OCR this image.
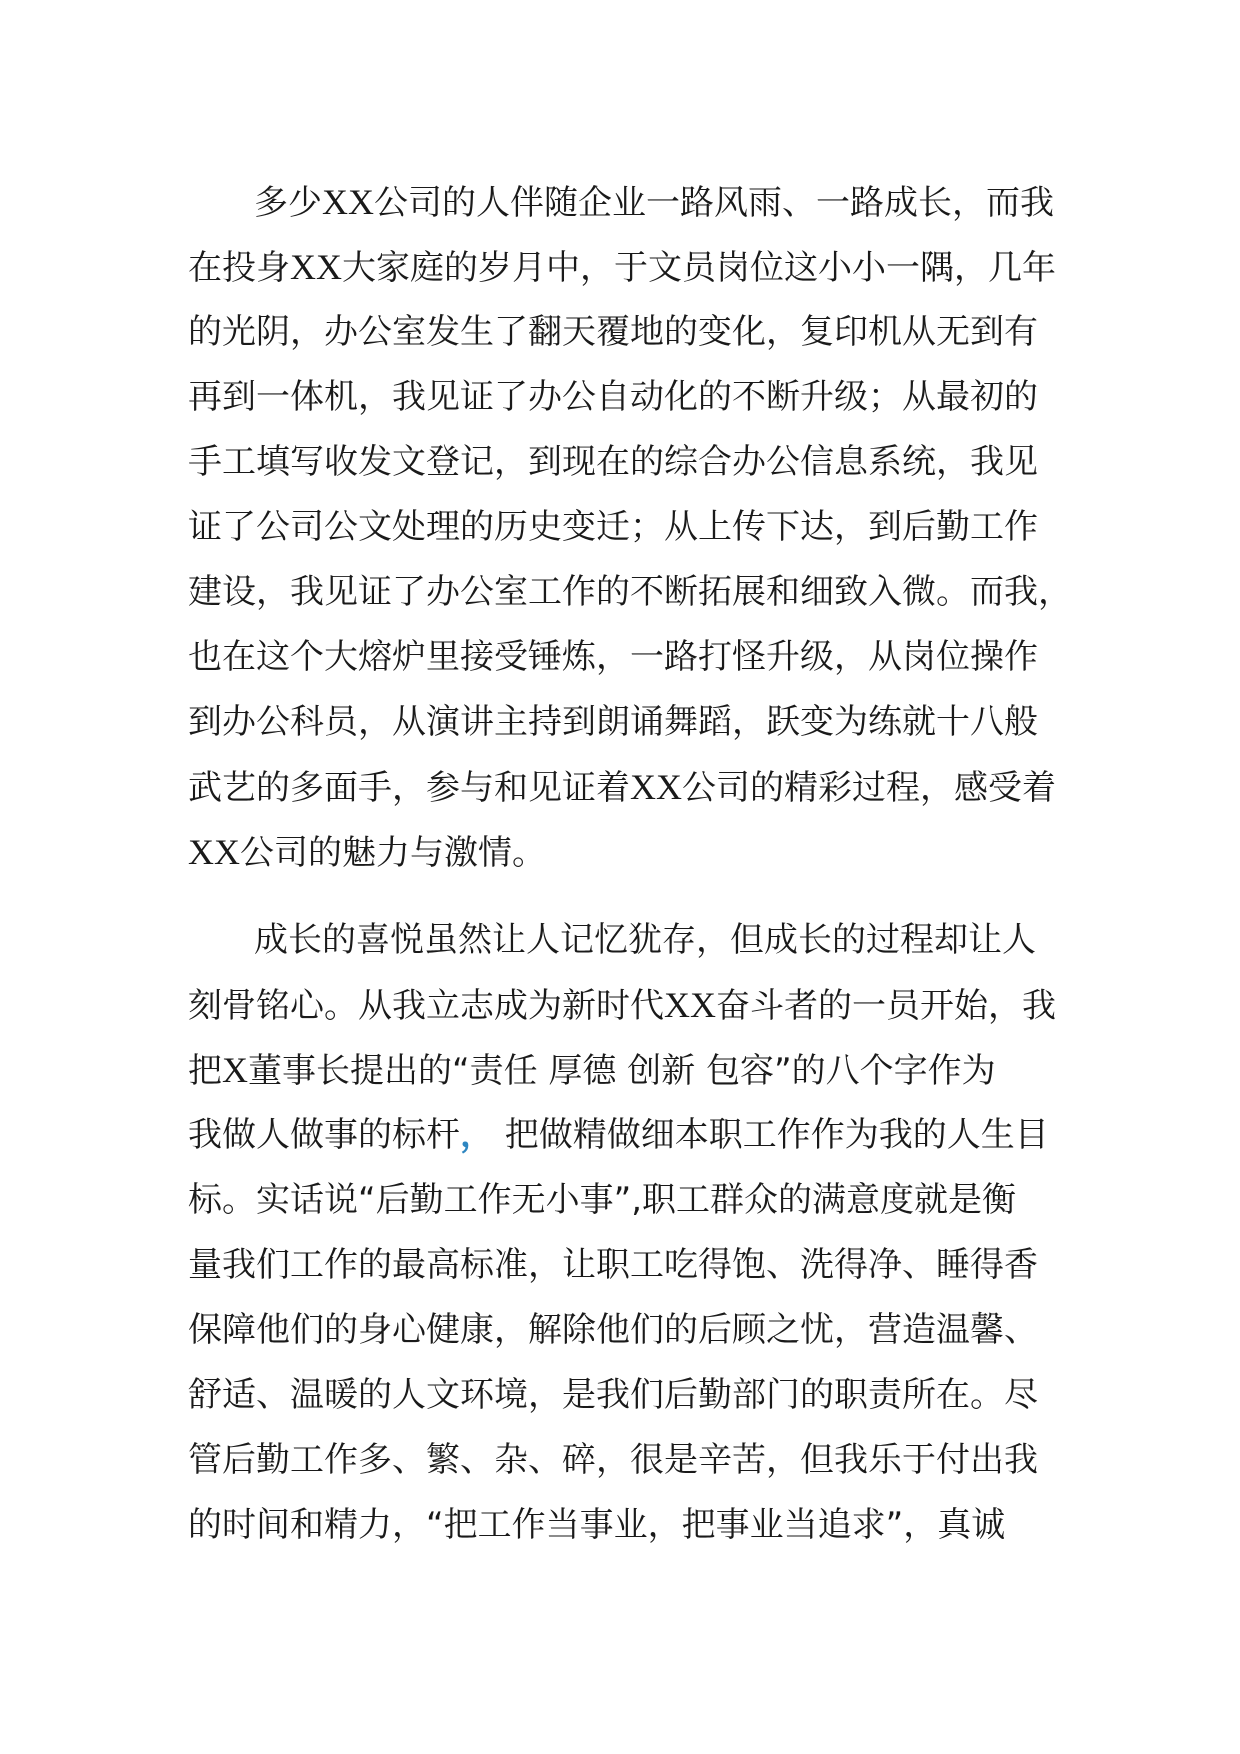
多少XX公司的人伴随企业一路风雨、一路成长，而我
在投身XX大家庭的岁月中，于文员岗位这小小一隅，几年
的光阴，办公室发生了翻天覆地的变化，复印机从无到有
再到一体机，我见证了办公自动化的不断升级；从最初的
手工填写收发文登记，到现在的综合办公信息系统，我见
证了公司公文处理的历史变迁；从上传下达，到后勤工作
建设，我见证了办公室工作的不断拓展和细致入微。而我，
也在这个大熔炉里接受锤炼，一路打怪升级，从岗位操作
到办公科员，从演讲主持到朗诵舞蹈，跃变为练就十八般
武艺的多面手，参与和见证着XX公司的精彩过程，感受着
XX公司的魅力与激情。
成长的喜悦虽然让人记忆犹存，但成长的过程却让人
刻骨铭心。从我立志成为新时代XX奋斗者的一员开始，我
把X董事长提出的“责任 厚德 创新 包容”的八个字作为
我做人做事的标杆， 把做精做细本职工作作为我的人生目
标。实话说“后勤工作无小事”,职工群众的满意度就是衡
量我们工作的最高标准，让职工吃得饱、洗得净、睡得香
保障他们的身心健康，解除他们的后顾之忧，营造温馨、
舒适、温暖的人文环境，是我们后勤部门的职责所在。尽
管后勤工作多、繁、杂、碎，很是辛苦，但我乐于付出我
的时间和精力，“把工作当事业，把事业当追求”，真诚
